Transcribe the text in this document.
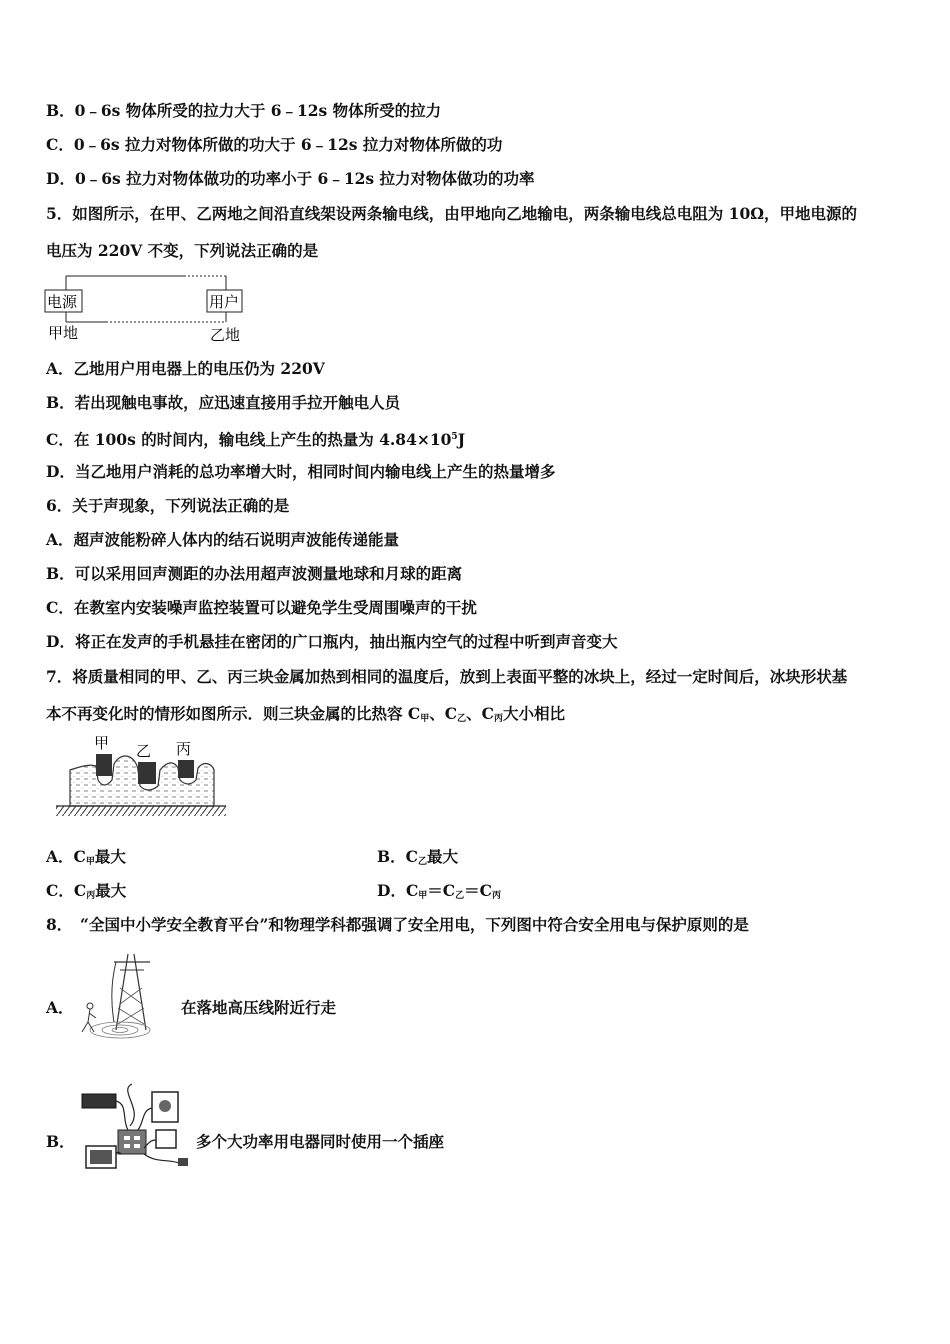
B．0﹣6s 物体所受的拉力大于 6﹣12s 物体所受的拉力
C．0﹣6s 拉力对物体所做的功大于 6﹣12s 拉力对物体所做的功
D．0﹣6s 拉力对物体做功的功率小于 6﹣12s 拉力对物体做功的功率
5．如图所示，在甲、乙两地之间沿直线架设两条输电线，由甲地向乙地输电，两条输电线总电阻为 10Ω，甲地电源的
电压为 220V 不变，下列说法正确的是
电源	用户
甲地	乙地
A．乙地用户用电器上的电压仍为 220V
B．若出现触电事故，应迅速直接用手拉开触电人员
C．在 100s 的时间内，输电线上产生的热量为 $4.84\times 10^5J$
D．当乙地用户消耗的总功率增大时，相同时间内输电线上产生的热量增多
6．关于声现象，下列说法正确的是
A．超声波能粉碎人体内的结石说明声波能传递能量
B．可以采用回声测距的办法用超声波测量地球和月球的距离
C．在教室内安装噪声监控装置可以避免学生受周围噪声的干扰
D．将正在发声的手机悬挂在密闭的广口瓶内，抽出瓶内空气的过程中听到声音变大
7．将质量相同的甲、乙、丙三块金属加热到相同的温度后，放到上表面平整的冰块上，经过一定时间后，冰块形状基
本不再变化时的情形如图所示．则三块金属的比热容 $C_甲$、$C_乙$、$C_丙$大小相比
甲 乙 丙
A．$C_甲$最大	B．$C_乙$最大
C．$C_丙$最大	D．$C_甲=C_乙=C_丙$
8．　“全国中小学安全教育平台”和物理学科都强调了安全用电，下列图中符合安全用电与保护原则的是
A．	在落地高压线附近行走
B．	多个大功率用电器同时使用一个插座
